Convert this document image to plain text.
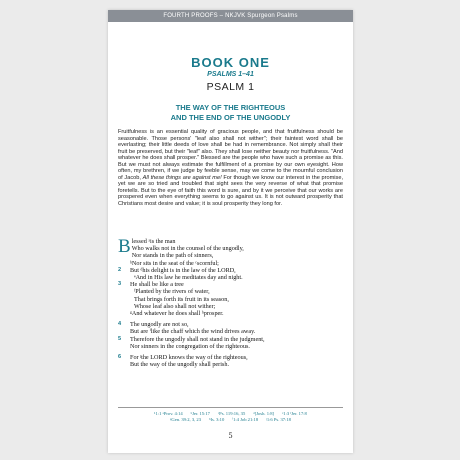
FOURTH PROOFS – NKJVK Spurgeon Psalms
BOOK ONE
PSALMS 1–41
PSALM 1
THE WAY OF THE RIGHTEOUS
AND THE END OF THE UNGODLY

Fruitfulness is an essential quality of gracious people, and that fruitfulness should be seasonable. Those persons' "leaf also shall not wither"; their faintest word shall be everlasting; their little deeds of love shall be had in remembrance. Not simply shall their fruit be preserved, but their "leaf" also. They shall lose neither beauty nor fruitfulness. "And whatever he does shall prosper." Blessed are the people who have such a promise as this. But we must not always estimate the fulfillment of a promise by our own eyesight. How often, my brethren, if we judge by feeble sense, may we come to the mournful conclusion of Jacob, All these things are against me! For though we know our interest in the promise, yet we are so tried and troubled that sight sees the very reverse of what that promise foretells. But to the eye of faith this word is sure, and by it we perceive that our works are prospered even when everything seems to go against us. It is not outward prosperity that Christians most desire and value; it is soul prosperity they long for.

B lessed ᵃis the man
Who walks not in the counsel of the ungodly,
Nor stands in the path of sinners,
ᵇNor sits in the seat of the ᶜscornful;
2	But ᵈhis delight is in the law of the LORD,
ᵉAnd in His law he meditates day and night.
3	He shall be like a tree
ᶠPlanted by the rivers of water,
That brings forth its fruit in its season,
Whose leaf also shall not wither;
ᵍAnd whatever he does shall ʰprosper.
4	The ungodly are not so,
But are ⁱlike the chaff which the wind drives away.
5	Therefore the ungodly shall not stand in the judgment,
Nor sinners in the congregation of the righteous.
6	For ʲthe LORD knows the way of the righteous,
But the way of the ungodly shall perish.
¹1:1 ᵃProv. 4:14 ᵇJer. 15:17 ᶜPs. 119:16, 35 ᵈ[Josh. 1:8] ᵉ1:3 ᶠJer. 17:8
ᵍGen. 39:2, 3, 23 ʰIs. 3:10 ⁱ1:4 Job 21:18 ʲ1:6 Ps. 37:18
5
